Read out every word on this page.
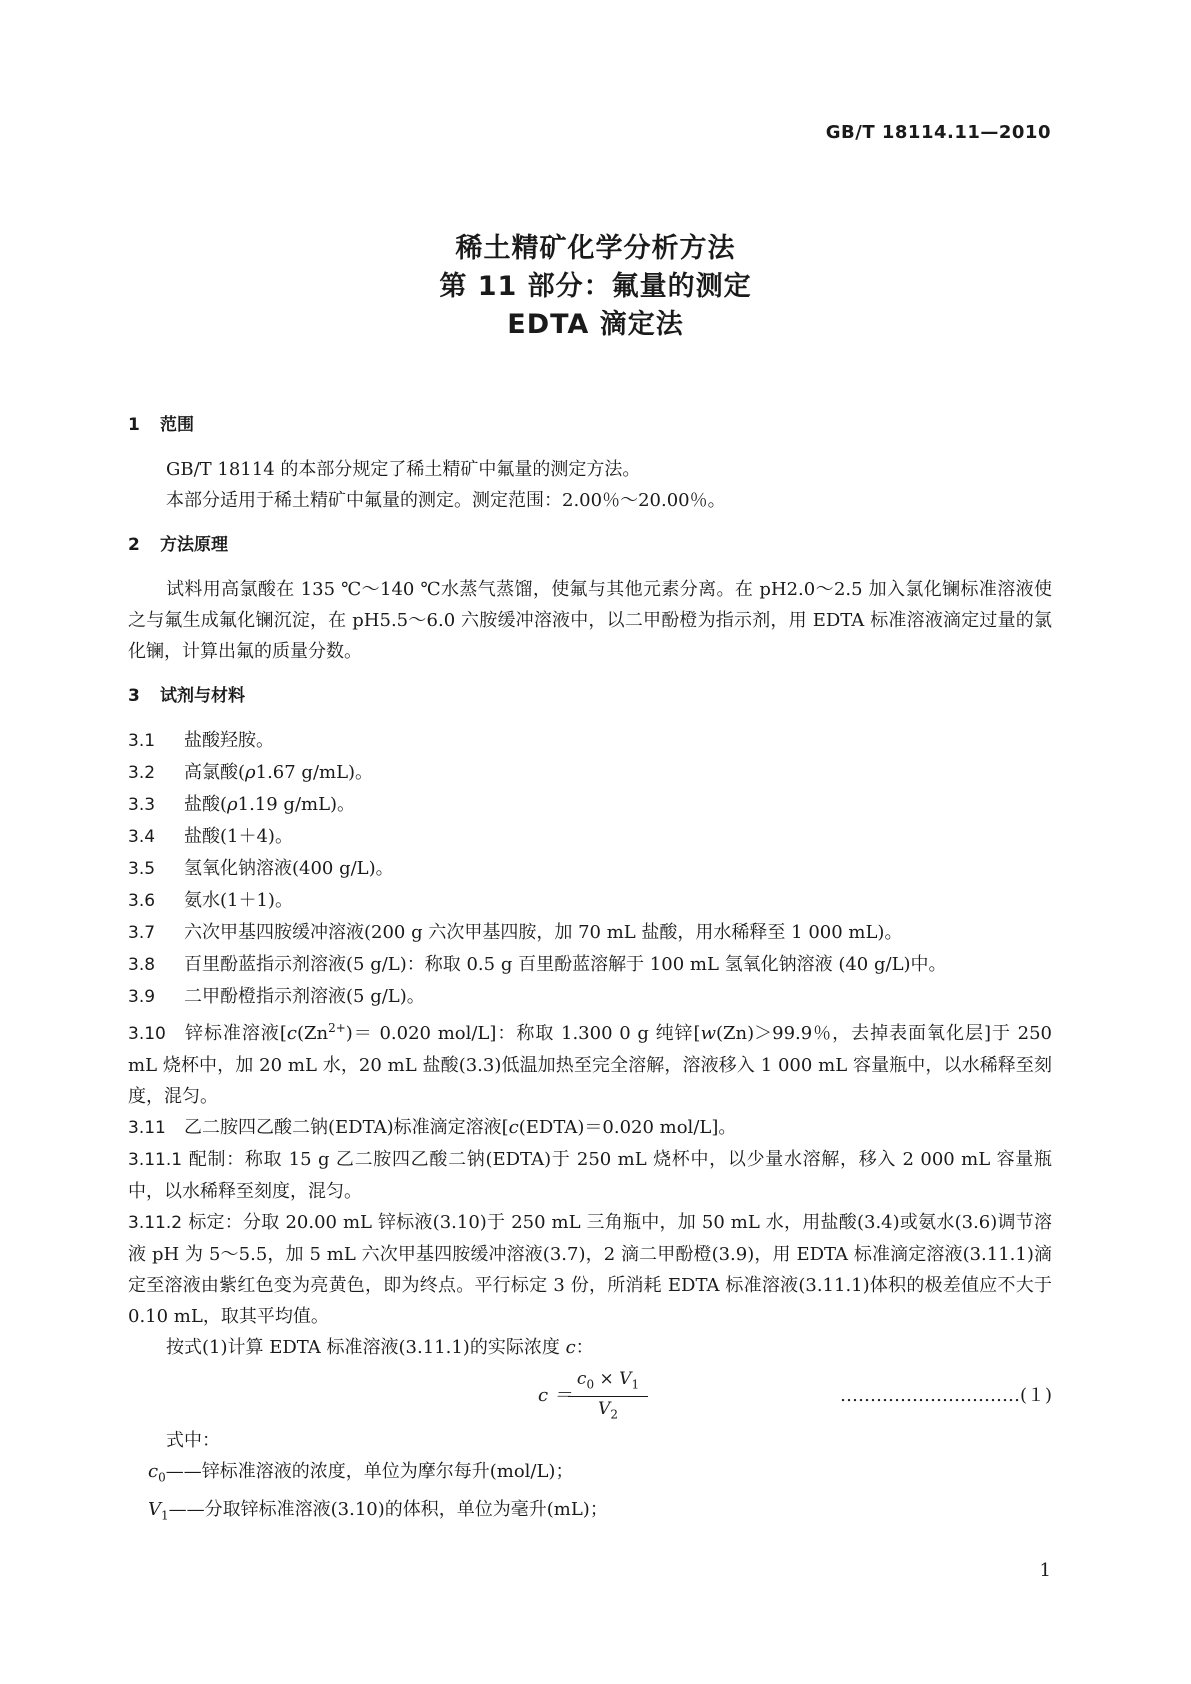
GB/T 18114.11—2010
稀土精矿化学分析方法
第 11 部分：氟量的测定
EDTA 滴定法
1 范围
GB/T 18114 的本部分规定了稀土精矿中氟量的测定方法。
本部分适用于稀土精矿中氟量的测定。测定范围：2.00％～20.00％。
2 方法原理
试料用高氯酸在 135 ℃～140 ℃水蒸气蒸馏，使氟与其他元素分离。在 pH2.0～2.5 加入氯化镧标准溶液使之与氟生成氟化镧沉淀，在 pH5.5～6.0 六胺缓冲溶液中，以二甲酚橙为指示剂，用 EDTA 标准溶液滴定过量的氯化镧，计算出氟的质量分数。
3 试剂与材料
3.1 盐酸羟胺。
3.2 高氯酸(ρ1.67 g/mL)。
3.3 盐酸(ρ1.19 g/mL)。
3.4 盐酸(1＋4)。
3.5 氢氧化钠溶液(400 g/L)。
3.6 氨水(1＋1)。
3.7 六次甲基四胺缓冲溶液(200 g 六次甲基四胺，加 70 mL 盐酸，用水稀释至 1 000 mL)。
3.8 百里酚蓝指示剂溶液(5 g/L)：称取 0.5 g 百里酚蓝溶解于 100 mL 氢氧化钠溶液 (40 g/L)中。
3.9 二甲酚橙指示剂溶液(5 g/L)。
3.10 锌标准溶液[$c(Zn^{2+})= 0.020$ mol/L]：称取 1.300 0 g 纯锌[w(Zn)＞99.9％，去掉表面氧化层]于 250 mL 烧杯中，加 20 mL 水，20 mL 盐酸(3.3)低温加热至完全溶解，溶液移入 1 000 mL 容量瓶中，以水稀释至刻度，混匀。
3.11 乙二胺四乙酸二钠(EDTA)标准滴定溶液[c(EDTA)＝0.020 mol/L]。
3.11.1 配制：称取 15 g 乙二胺四乙酸二钠(EDTA)于 250 mL 烧杯中，以少量水溶解，移入 2 000 mL 容量瓶中，以水稀释至刻度，混匀。
3.11.2 标定：分取 20.00 mL 锌标液(3.10)于 250 mL 三角瓶中，加 50 mL 水，用盐酸(3.4)或氨水(3.6)调节溶液 pH 为 5～5.5，加 5 mL 六次甲基四胺缓冲溶液(3.7)，2 滴二甲酚橙(3.9)，用 EDTA 标准滴定溶液(3.11.1)滴定至溶液由紫红色变为亮黄色，即为终点。平行标定 3 份，所消耗 EDTA 标准溶液(3.11.1)体积的极差值应不大于 0.10 mL，取其平均值。
按式(1)计算 EDTA 标准溶液(3.11.1)的实际浓度 c：
c ＝
$\frac{c_0 \times V_1}{V_2}$	…………………………(１)
式中：
$c_0——$锌标准溶液的浓度，单位为摩尔每升(mol/L)；
$V_1——$分取锌标准溶液(3.10)的体积，单位为毫升(mL)；
1
